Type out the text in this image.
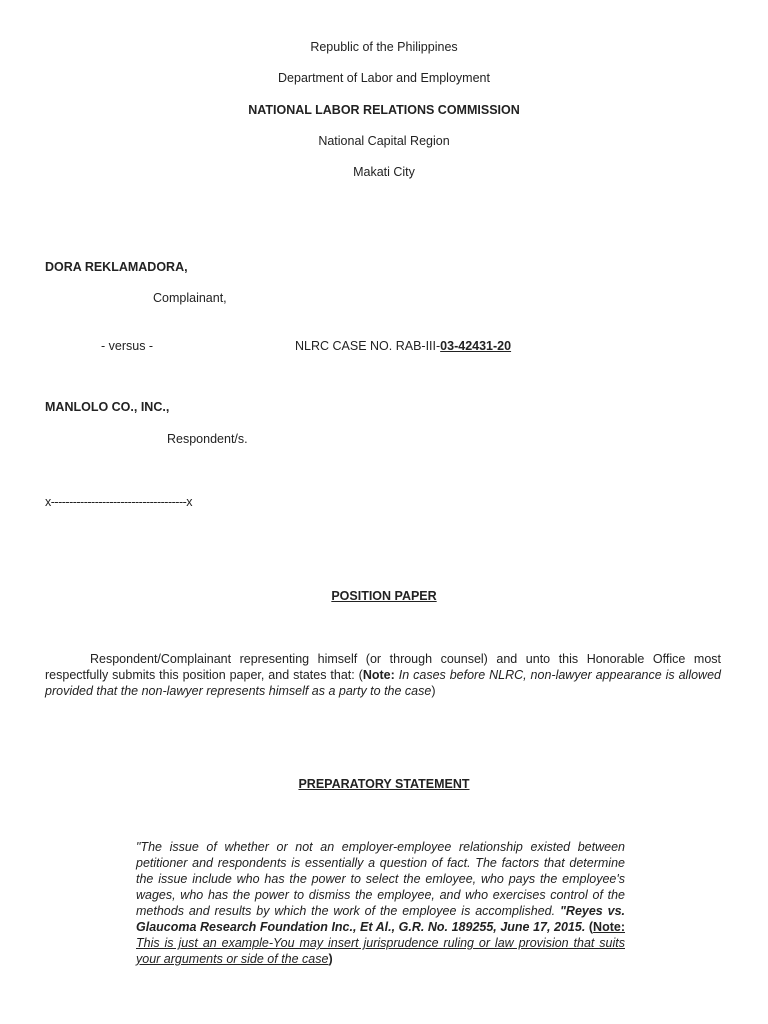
Republic of the Philippines
Department of Labor and Employment
NATIONAL LABOR RELATIONS COMMISSION
National Capital Region
Makati City
DORA REKLAMADORA,
Complainant,
- versus -	NLRC CASE NO. RAB-III-03-42431-20
MANLOLO CO., INC.,
Respondent/s.
x-------------------------------------x
POSITION PAPER
Respondent/Complainant representing himself (or through counsel) and unto this Honorable Office most respectfully submits this position paper, and states that: (Note: In cases before NLRC, non-lawyer appearance is allowed provided that the non-lawyer represents himself as a party to the case)
PREPARATORY STATEMENT
"The issue of whether or not an employer-employee relationship existed between petitioner and respondents is essentially a question of fact. The factors that determine the issue include who has the power to select the emloyee, who pays the employee's wages, who has the power to dismiss the employee, and who exercises control of the methods and results by which the work of the employee is accomplished. "Reyes vs. Glaucoma Research Foundation Inc., Et Al., G.R. No. 189255, June 17, 2015. (Note: This is just an example-You may insert jurisprudence ruling or law provision that suits your arguments or side of the case)
